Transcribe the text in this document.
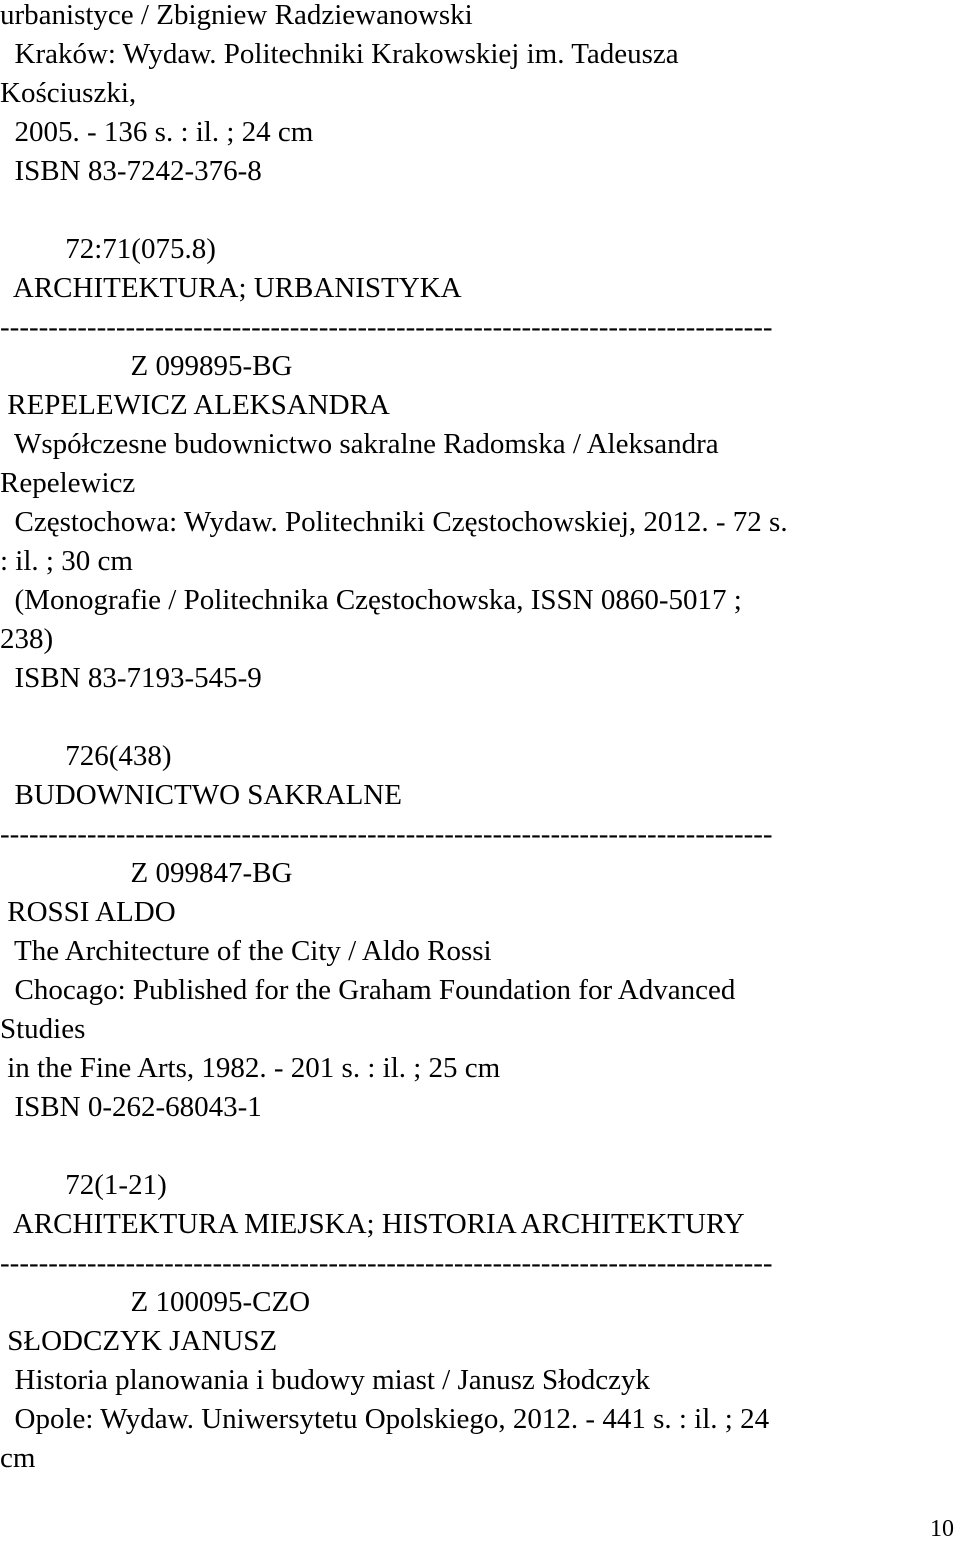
urbanistyce / Zbigniew Radziewanowski

Kraków: Wydaw. Politechniki Krakowskiej im. Tadeusza

Kościuszki,

2005. - 136 s. : il. ; 24 cm

ISBN 83-7242-376-8

72:71(075.8)

ARCHITEKTURA; URBANISTYKA

--------------------------------------------------------------------------------

Z 099895-BG

REPELEWICZ ALEKSANDRA

Współczesne budownictwo sakralne Radomska / Aleksandra

Repelewicz

Częstochowa: Wydaw. Politechniki Częstochowskiej, 2012. - 72 s.

: il. ; 30 cm

(Monografie / Politechnika Częstochowska, ISSN 0860-5017 ;

238)

ISBN 83-7193-545-9

726(438)

BUDOWNICTWO SAKRALNE

--------------------------------------------------------------------------------

Z 099847-BG

ROSSI ALDO

The Architecture of the City / Aldo Rossi

Chocago: Published for the Graham Foundation for Advanced

Studies

in the Fine Arts, 1982. - 201 s. : il. ; 25 cm

ISBN 0-262-68043-1

72(1-21)

ARCHITEKTURA MIEJSKA; HISTORIA ARCHITEKTURY

--------------------------------------------------------------------------------

Z 100095-CZO

SŁODCZYK JANUSZ

Historia planowania i budowy miast / Janusz Słodczyk

Opole: Wydaw. Uniwersytetu Opolskiego, 2012. - 441 s. : il. ; 24

cm

10
